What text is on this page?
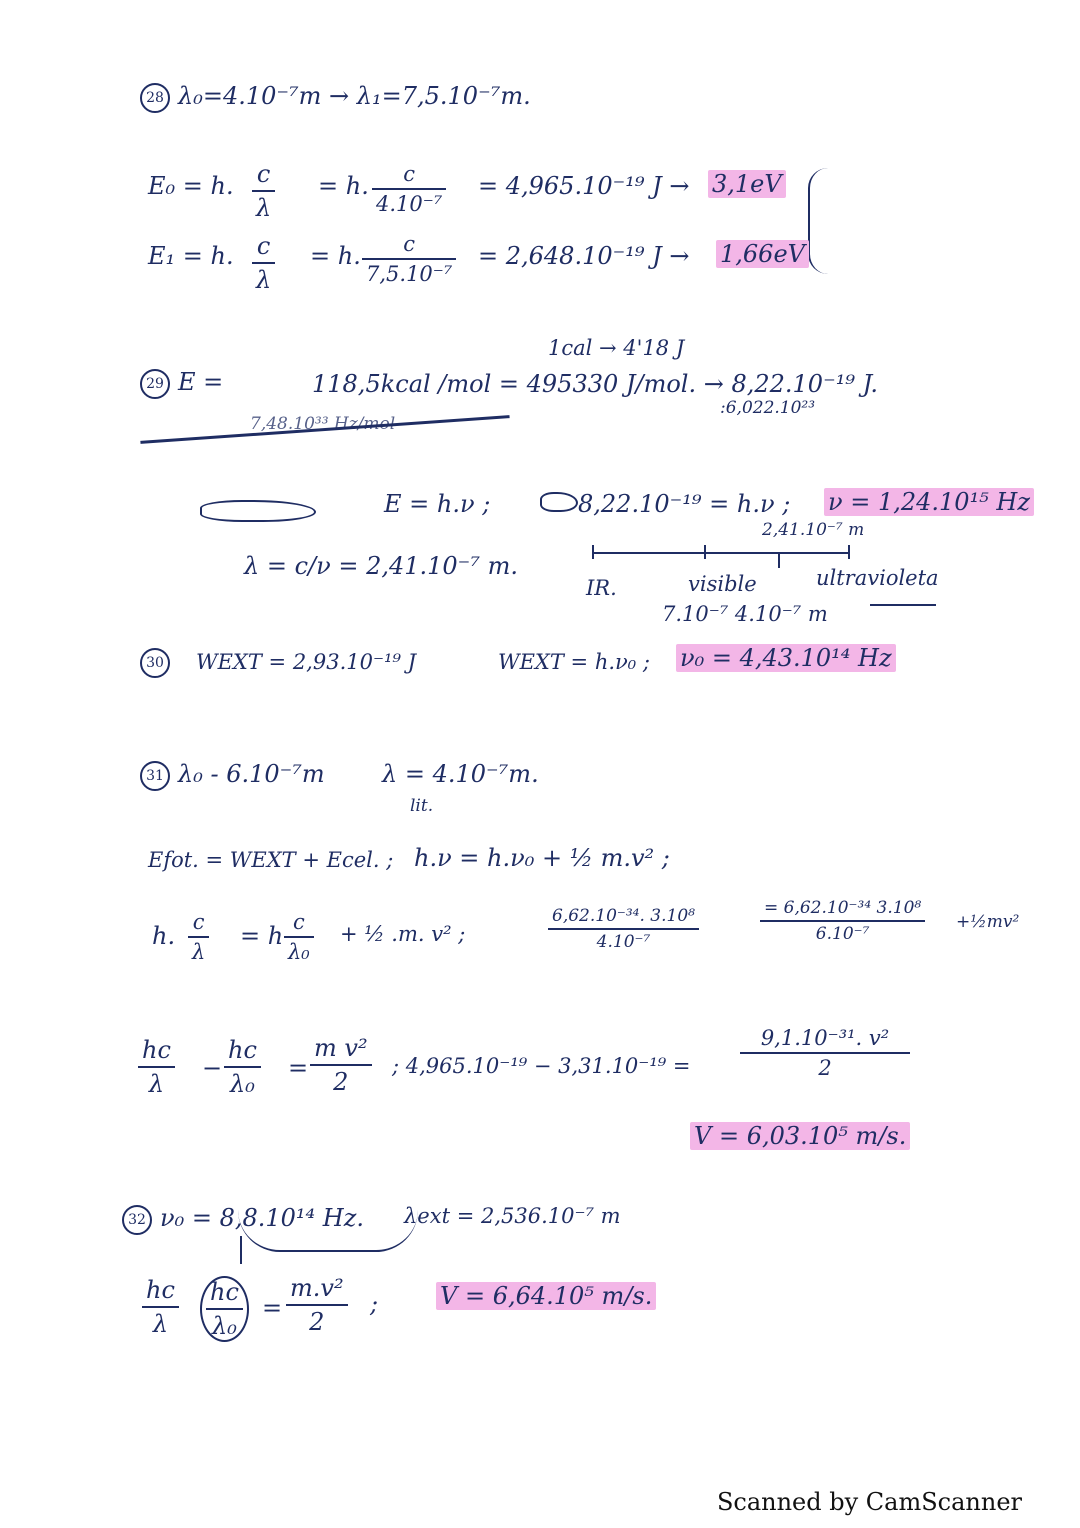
28 λ₀=4.10⁻⁷m → λ₁=7,5.10⁻⁷m.
E₀ = h. c
λ
= h. c
4.10⁻⁷
= 4,965.10⁻¹⁹ J → 3,1eV
E₁ = h. c
λ
= h. c
7,5.10⁻⁷
= 2,648.10⁻¹⁹ J → 1,66eV
1cal → 4'18 J
29 E =	118,5kcal /mol = 495330 J/mol. → 8,22.10⁻¹⁹ J.
:6,022.10²³
7,48.10³³ Hz/mol
E = h.ν ;	8,22.10⁻¹⁹ = h.ν ; ν = 1,24.10¹⁵ Hz
2,41.10⁻⁷ m
λ = c/ν = 2,41.10⁻⁷ m.
IR.	visible	ultravioleta
7.10⁻⁷ 4.10⁻⁷ m
30 WEXT = 2,93.10⁻¹⁹ J	WEXT = h.ν₀ ; ν₀ = 4,43.10¹⁴ Hz
31 λ₀ - 6.10⁻⁷m λ = 4.10⁻⁷m.
lit.
Efot. = WEXT + Ecel. ; h.ν = h.ν₀ + ½ m.v² ;
h. c
λ
= h c
λ₀
+ ½ .m. v² ;
6,62.10⁻³⁴. 3.10⁸
4.10⁻⁷
= 6,62.10⁻³⁴ 3.10⁸
6.10⁻⁷
+½mv²
hc
λ
−
hc
λ₀
=
m v²
2
; 4,965.10⁻¹⁹ − 3,31.10⁻¹⁹ =
9,1.10⁻³¹. v²
2
V = 6,03.10⁵ m/s.
32 ν₀ = 8,8.10¹⁴ Hz. λext = 2,536.10⁻⁷ m
hc
λ
hc
λ₀
=
m.v²
2
;	V = 6,64.10⁵ m/s.
Scanned by CamScanner
